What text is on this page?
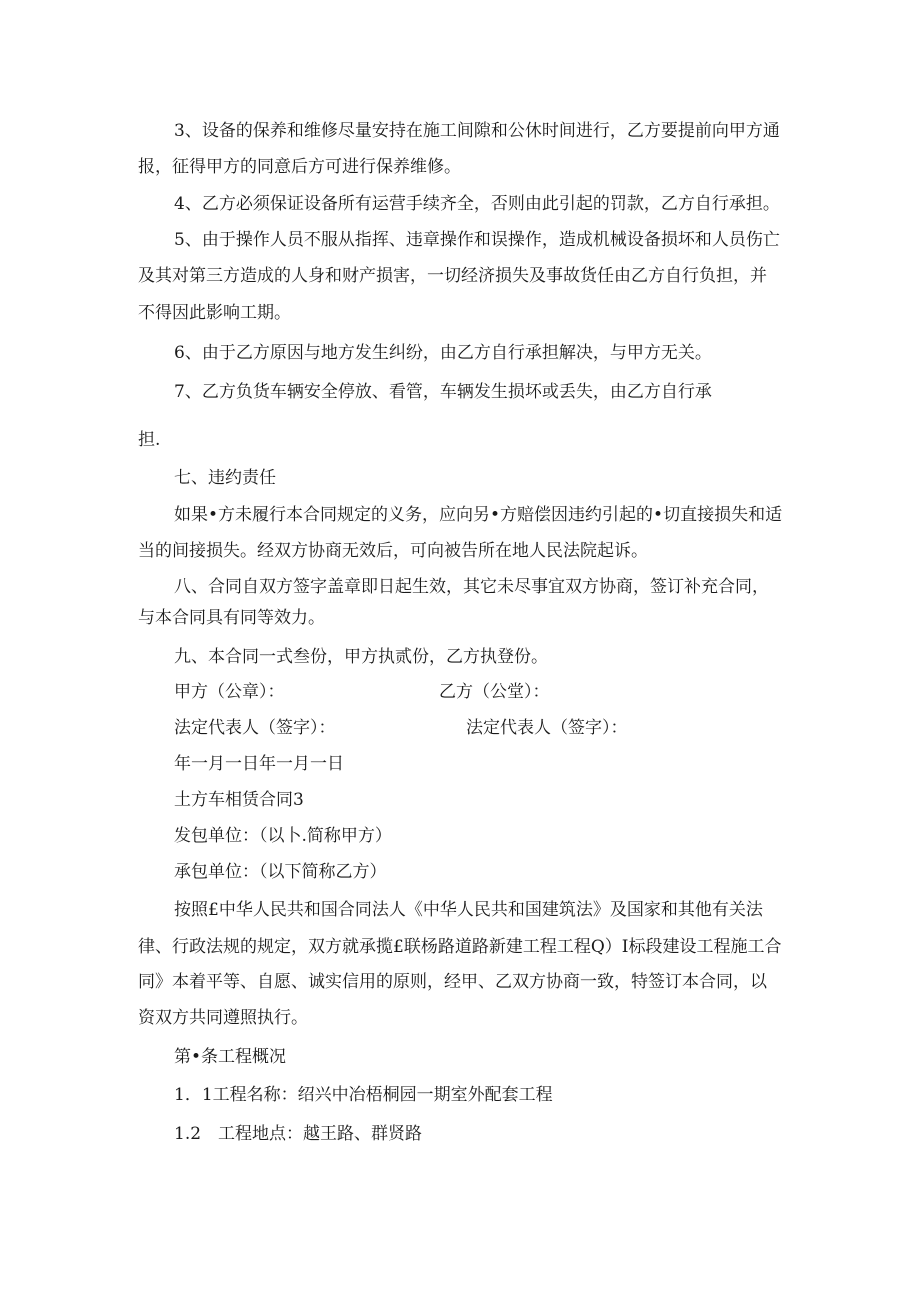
3、设备的保养和维修尽量安持在施工间隙和公休时间进行，乙方要提前向甲方通

报，征得甲方的同意后方可进行保养维修。

4、乙方必须保证设备所有运营手续齐全，否则由此引起的罚款，乙方自行承担。

5、由于操作人员不服从指挥、违章操作和误操作，造成机械设备损坏和人员伤亡

及其对第三方造成的人身和财产损害，一切经济损失及事故货任由乙方自行负担，并

不得因此影响工期。

6、由于乙方原因与地方发生纠纷，由乙方自行承担解决，与甲方无关。

7、乙方负货车辆安全停放、看管，车辆发生损坏或丢失，由乙方自行承

担.

七、违约责任

如果•方未履行本合同规定的义务，应向另•方赔偿因违约引起的•切直接损失和适

当的间接损失。经双方协商无效后，可向被告所在地人民法院起诉。

八、合同自双方签字盖章即日起生效，其它未尽事宜双方协商，签订补充合同，

与本合同具有同等效力。

九、本合同一式叁份，甲方执贰份，乙方执登份。

甲方（公章）：	乙方（公堂）：

法定代表人（签字）：	法定代表人（签字）：

年一月一日年一月一日

土方车相赁合同3

发包单位：（以卜.简称甲方）

承包单位：（以下简称乙方）

按照£中华人民共和国合同法人《中华人民共和国建筑法》及国家和其他有关法

律、行政法规的规定，双方就承揽£联杨路道路新建工程工程Q）I标段建设工程施工合

同》本着平等、自愿、诚实信用的原则，经甲、乙双方协商一致，特签订本合同，以

资双方共同遵照执行。

第•条工程概况

1．1工程名称：绍兴中冶梧桐园一期室外配套工程

1.2　工程地点：越王路、群贤路
